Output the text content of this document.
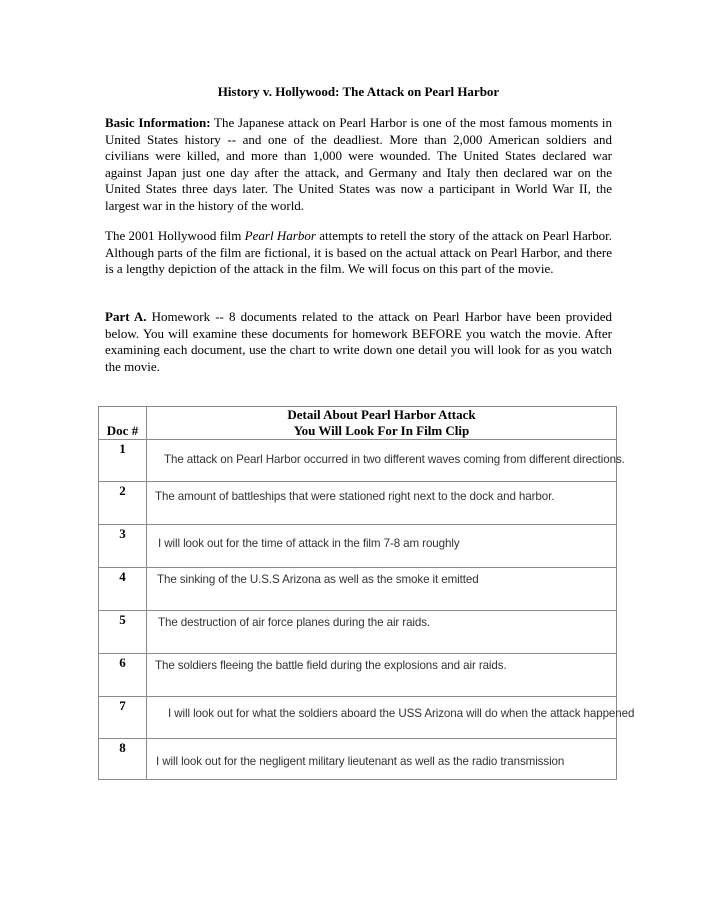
History v. Hollywood: The Attack on Pearl Harbor

Basic Information: The Japanese attack on Pearl Harbor is one of the most famous moments in United States history -- and one of the deadliest. More than 2,000 American soldiers and civilians were killed, and more than 1,000 were wounded. The United States declared war against Japan just one day after the attack, and Germany and Italy then declared war on the United States three days later. The United States was now a participant in World War II, the largest war in the history of the world.

The 2001 Hollywood film Pearl Harbor attempts to retell the story of the attack on Pearl Harbor. Although parts of the film are fictional, it is based on the actual attack on Pearl Harbor, and there is a lengthy depiction of the attack in the film. We will focus on this part of the movie.

Part A. Homework -- 8 documents related to the attack on Pearl Harbor have been provided below. You will examine these documents for homework BEFORE you watch the movie. After examining each document, use the chart to write down one detail you will look for as you watch the movie.

Doc #	Detail About Pearl Harbor Attack
You Will Look For In Film Clip

1	The attack on Pearl Harbor occurred in two different waves coming from different directions.

2	The amount of battleships that were stationed right next to the dock and harbor.

3	I will look out for the time of attack in the film 7-8 am roughly

4	The sinking of the U.S.S Arizona as well as the smoke it emitted

5	The destruction of air force planes during the air raids.

6	The soldiers fleeing the battle field during the explosions and air raids.

7	I will look out for what the soldiers aboard the USS Arizona will do when the attack happened

8	I will look out for the negligent military lieutenant as well as the radio transmission
